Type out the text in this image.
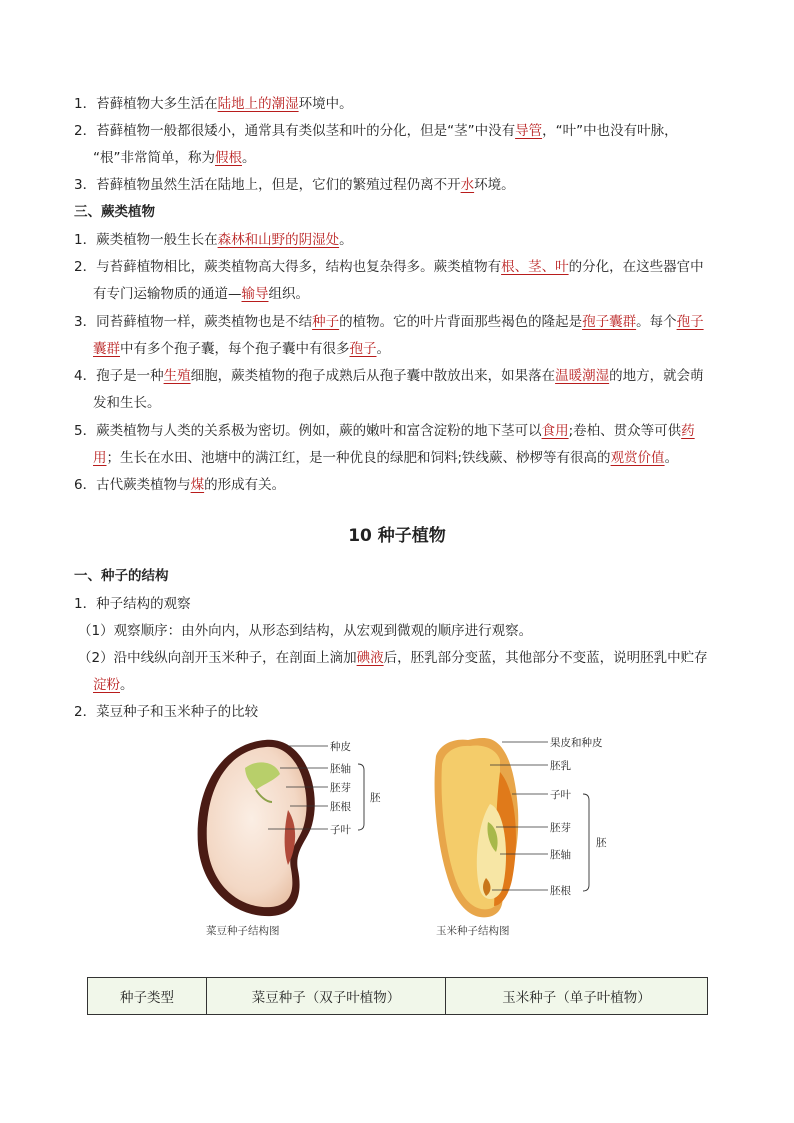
1．苔藓植物大多生活在陆地上的潮湿环境中。
2．苔藓植物一般都很矮小，通常具有类似茎和叶的分化，但是“茎”中没有导管，“叶”中也没有叶脉，
“根”非常简单，称为假根。
3．苔藓植物虽然生活在陆地上，但是，它们的繁殖过程仍离不开水环境。
三、蕨类植物
1．蕨类植物一般生长在森林和山野的阴湿处。
2．与苔藓植物相比，蕨类植物高大得多，结构也复杂得多。蕨类植物有根、茎、叶的分化，在这些器官中
有专门运输物质的通道—输导组织。
3．同苔藓植物一样，蕨类植物也是不结种子的植物。它的叶片背面那些褐色的隆起是孢子囊群。每个孢子
囊群中有多个孢子囊，每个孢子囊中有很多孢子。
4．孢子是一种生殖细胞，蕨类植物的孢子成熟后从孢子囊中散放出来，如果落在温暖潮湿的地方，就会萌
发和生长。
5．蕨类植物与人类的关系极为密切。例如，蕨的嫩叶和富含淀粉的地下茎可以食用;卷柏、贯众等可供药
用；生长在水田、池塘中的满江红，是一种优良的绿肥和饲料;铁线蕨、桫椤等有很高的观赏价值。
6．古代蕨类植物与煤的形成有关。
10 种子植物
一、种子的结构
1．种子结构的观察
（1）观察顺序：由外向内，从形态到结构，从宏观到微观的顺序进行观察。
（2）沿中线纵向剖开玉米种子，在剖面上滴加碘液后，胚乳部分变蓝，其他部分不变蓝，说明胚乳中贮存
淀粉。
2．菜豆种子和玉米种子的比较
种皮
胚轴
胚芽
胚根
子叶
胚
菜豆种子结构图
果皮和种皮
胚乳
子叶
胚芽
胚轴
胚根
胚
玉米种子结构图
种子类型	菜豆种子（双子叶植物）	玉米种子（单子叶植物）
